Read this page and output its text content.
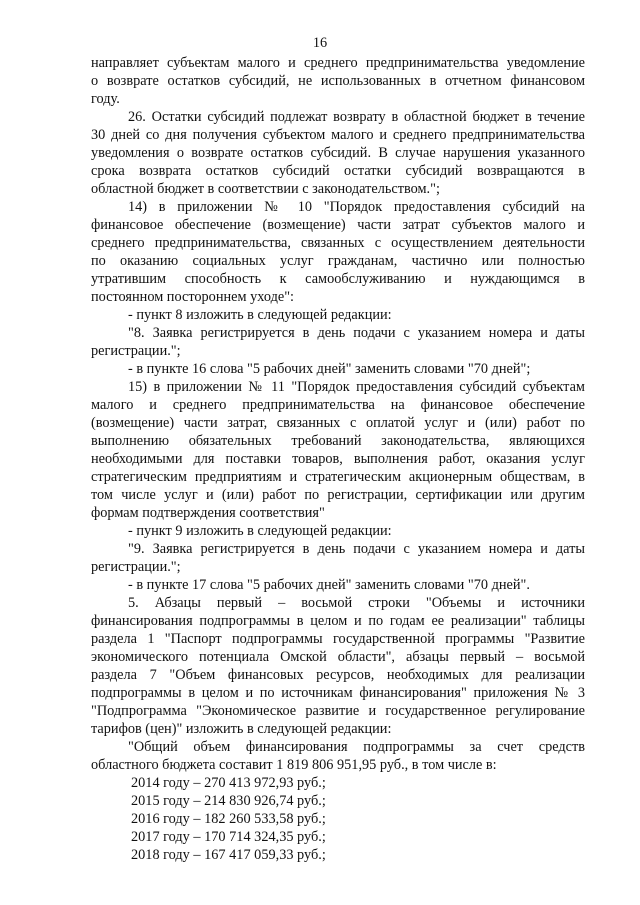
16
направляет субъектам малого и среднего предпринимательства уведомление
о возврате остатков субсидий, не использованных в отчетном финансовом
году.
26. Остатки субсидий подлежат возврату в областной бюджет в течение
30 дней со дня получения субъектом малого и среднего предпринимательства
уведомления о возврате остатков субсидий. В случае нарушения указанного
срока возврата остатков субсидий остатки субсидий возвращаются в
областной бюджет в соответствии с законодательством.";
14) в приложении № 10 "Порядок предоставления субсидий на
финансовое обеспечение (возмещение) части затрат субъектов малого и
среднего предпринимательства, связанных с осуществлением деятельности
по оказанию социальных услуг гражданам, частично или полностью
утратившим способность к самообслуживанию и нуждающимся в
постоянном постороннем уходе":
- пункт 8 изложить в следующей редакции:
"8. Заявка регистрируется в день подачи с указанием номера и даты
регистрации.";
- в пункте 16 слова "5 рабочих дней" заменить словами "70 дней";
15) в приложении № 11 "Порядок предоставления субсидий субъектам
малого и среднего предпринимательства на финансовое обеспечение
(возмещение) части затрат, связанных с оплатой услуг и (или) работ по
выполнению обязательных требований законодательства, являющихся
необходимыми для поставки товаров, выполнения работ, оказания услуг
стратегическим предприятиям и стратегическим акционерным обществам, в
том числе услуг и (или) работ по регистрации, сертификации или другим
формам подтверждения соответствия"
- пункт 9 изложить в следующей редакции:
"9. Заявка регистрируется в день подачи с указанием номера и даты
регистрации.";
- в пункте 17 слова "5 рабочих дней" заменить словами "70 дней".
5. Абзацы первый – восьмой строки "Объемы и источники
финансирования подпрограммы в целом и по годам ее реализации" таблицы
раздела 1 "Паспорт подпрограммы государственной программы "Развитие
экономического потенциала Омской области", абзацы первый – восьмой
раздела 7 "Объем финансовых ресурсов, необходимых для реализации
подпрограммы в целом и по источникам финансирования" приложения № 3
"Подпрограмма "Экономическое развитие и государственное регулирование
тарифов (цен)" изложить в следующей редакции:
"Общий объем финансирования подпрограммы за счет средств
областного бюджета составит 1 819 806 951,95 руб., в том числе в:
2014 году – 270 413 972,93 руб.;
2015 году – 214 830 926,74 руб.;
2016 году – 182 260 533,58 руб.;
2017 году – 170 714 324,35 руб.;
2018 году – 167 417 059,33 руб.;
